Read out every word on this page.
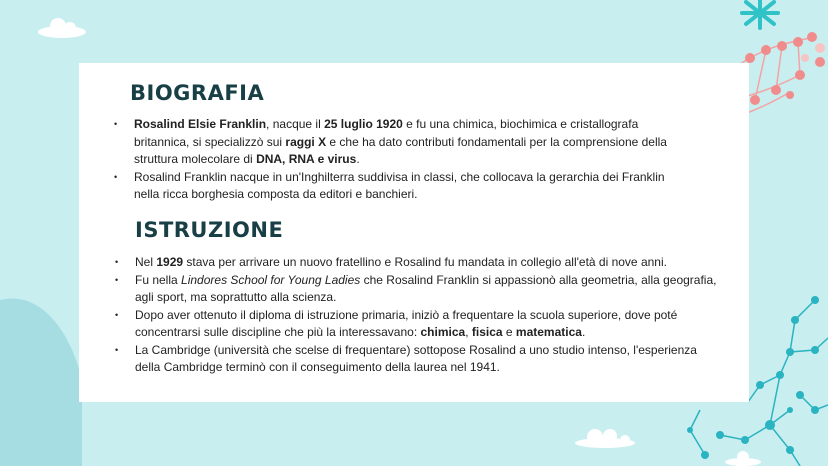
BIOGRAFIA
• Rosalind Elsie Franklin, nacque il 25 luglio 1920 e fu una chimica, biochimica e cristallografa britannica, si specializzò sui raggi X e che ha dato contributi fondamentali per la comprensione della struttura molecolare di DNA, RNA e virus.
• Rosalind Franklin nacque in un'Inghilterra suddivisa in classi, che collocava la gerarchia dei Franklin nella ricca borghesia composta da editori e banchieri.
ISTRUZIONE
• Nel 1929 stava per arrivare un nuovo fratellino e Rosalind fu mandata in collegio all'età di nove anni.
• Fu nella Lindores School for Young Ladies che Rosalind Franklin si appassionò alla geometria, alla geografia, agli sport, ma soprattutto alla scienza.
• Dopo aver ottenuto il diploma di istruzione primaria, iniziò a frequentare la scuola superiore, dove poté concentrarsi sulle discipline che più la interessavano: chimica, fisica e matematica.
• La Cambridge (università che scelse di frequentare) sottopose Rosalind a uno studio intenso, l'esperienza della Cambridge terminò con il conseguimento della laurea nel 1941.
